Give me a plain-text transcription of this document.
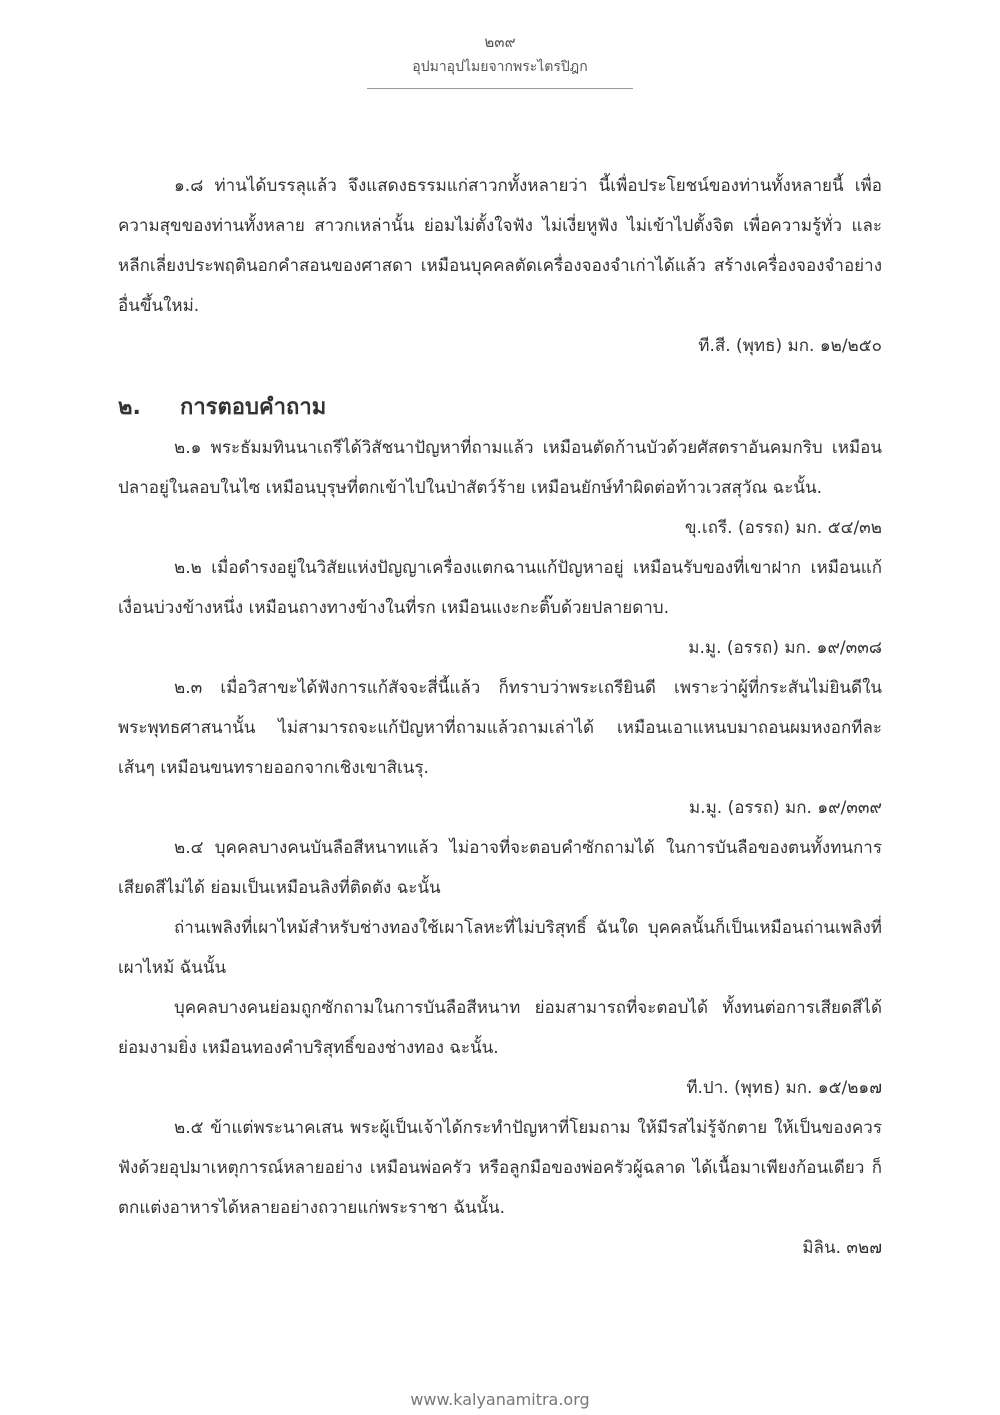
๒๓๙
อุปมาอุปไมยจากพระไตรปิฎก

๑.๘ ท่านได้บรรลุแล้ว จึงแสดงธรรมแก่สาวกทั้งหลายว่า นี้เพื่อประโยชน์ของท่านทั้งหลายนี้ เพื่อความสุขของท่านทั้งหลาย สาวกเหล่านั้น ย่อมไม่ตั้งใจฟัง ไม่เงี่ยหูฟัง ไม่เข้าไปตั้งจิต เพื่อความรู้ทั่ว และหลีกเลี่ยงประพฤตินอกคำสอนของศาสดา เหมือนบุคคลตัดเครื่องจองจำเก่าได้แล้ว สร้างเครื่องจองจำอย่างอื่นขึ้นใหม่.

ที.สี. (พุทธ) มก. ๑๒/๒๕๐

๒. การตอบคำถาม

๒.๑ พระธัมมทินนาเถรีได้วิสัชนาปัญหาที่ถามแล้ว เหมือนตัดก้านบัวด้วยศัสตราอันคมกริบ เหมือนปลาอยู่ในลอบในไซ เหมือนบุรุษที่ตกเข้าไปในป่าสัตว์ร้าย เหมือนยักษ์ทำผิดต่อท้าวเวสสุวัณ ฉะนั้น.

ขุ.เถรี. (อรรถ) มก. ๕๔/๓๒

๒.๒ เมื่อดำรงอยู่ในวิสัยแห่งปัญญาเครื่องแตกฉานแก้ปัญหาอยู่ เหมือนรับของที่เขาฝาก เหมือนแก้เงื่อนบ่วงข้างหนึ่ง เหมือนถางทางข้างในที่รก เหมือนแงะกะติ๊บด้วยปลายดาบ.

ม.มู. (อรรถ) มก. ๑๙/๓๓๘

๒.๓ เมื่อวิสาขะได้ฟังการแก้สัจจะสี่นี้แล้ว ก็ทราบว่าพระเถรียินดี เพราะว่าผู้ที่กระสันไม่ยินดีในพระพุทธศาสนานั้น ไม่สามารถจะแก้ปัญหาที่ถามแล้วถามเล่าได้ เหมือนเอาแหนบมาถอนผมหงอกทีละเส้นๆ เหมือนขนทรายออกจากเชิงเขาสิเนรุ.

ม.มู. (อรรถ) มก. ๑๙/๓๓๙

๒.๔ บุคคลบางคนบันลือสีหนาทแล้ว ไม่อาจที่จะตอบคำซักถามได้ ในการบันลือของตนทั้งทนการเสียดสีไม่ได้ ย่อมเป็นเหมือนลิงที่ติดตัง ฉะนั้น

ถ่านเพลิงที่เผาไหม้สำหรับช่างทองใช้เผาโลหะที่ไม่บริสุทธิ์ ฉันใด บุคคลนั้นก็เป็นเหมือนถ่านเพลิงที่เผาไหม้ ฉันนั้น

บุคคลบางคนย่อมถูกซักถามในการบันลือสีหนาท ย่อมสามารถที่จะตอบได้ ทั้งทนต่อการเสียดสีได้ ย่อมงามยิ่ง เหมือนทองคำบริสุทธิ์ของช่างทอง ฉะนั้น.

ที.ปา. (พุทธ) มก. ๑๕/๒๑๗

๒.๕ ข้าแต่พระนาคเสน พระผู้เป็นเจ้าได้กระทำปัญหาที่โยมถาม ให้มีรสไม่รู้จักตาย ให้เป็นของควรฟังด้วยอุปมาเหตุการณ์หลายอย่าง เหมือนพ่อครัว หรือลูกมือของพ่อครัวผู้ฉลาด ได้เนื้อมาเพียงก้อนเดียว ก็ตกแต่งอาหารได้หลายอย่างถวายแก่พระราชา ฉันนั้น.

มิลิน. ๓๒๗

www.kalyanamitra.org
